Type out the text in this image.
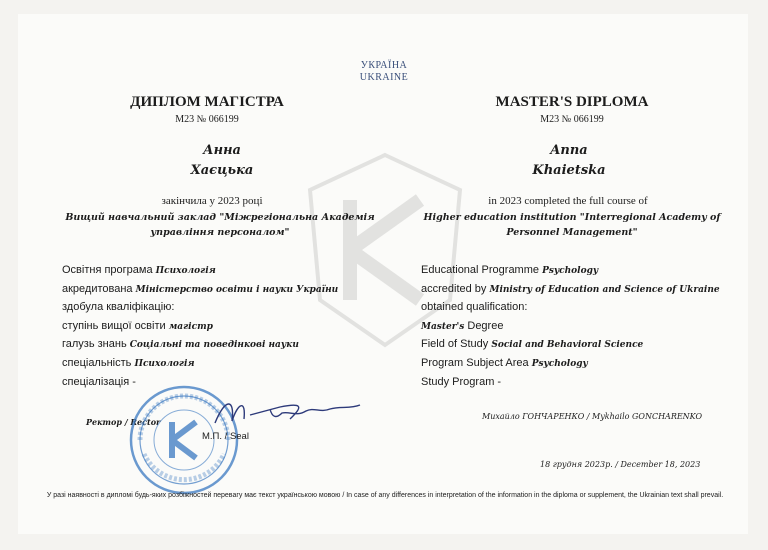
УКРАЇНА
UKRAINE
ДИПЛОМ МАГІСТРА
M23 № 066199
Анна
Хаєцька
закінчила у 2023 році
Вищий навчальний заклад "Міжрегіональна Академія управління персоналом"
Освітня програма Психологія
акредитована Міністерство освіти і науки України
здобула кваліфікацію:
ступінь вищої освіти магістр
галузь знань Соціальні та поведінкові науки
спеціальність Психологія
спеціалізація -
Ректор / Rector
М.П. / Seal
MASTER'S DIPLOMA
M23 № 066199
Anna
Khaietska
in 2023 completed the full course of
Higher education institution "Interregional Academy of Personnel Management"
Educational Programme Psychology
accredited by Ministry of Education and Science of Ukraine
obtained qualification:
Master's Degree
Field of Study Social and Behavioral Science
Program Subject Area Psychology
Study Program -
Михайло ГОНЧАРЕНКО / Mykhailo GONCHARENKO
18 грудня 2023р. / December 18, 2023
У разі наявності в дипломі будь-яких розбіжностей перевагу має текст українською мовою / In case of any differences in interpretation of the information in the diploma or supplement, the Ukrainian text shall prevail.
